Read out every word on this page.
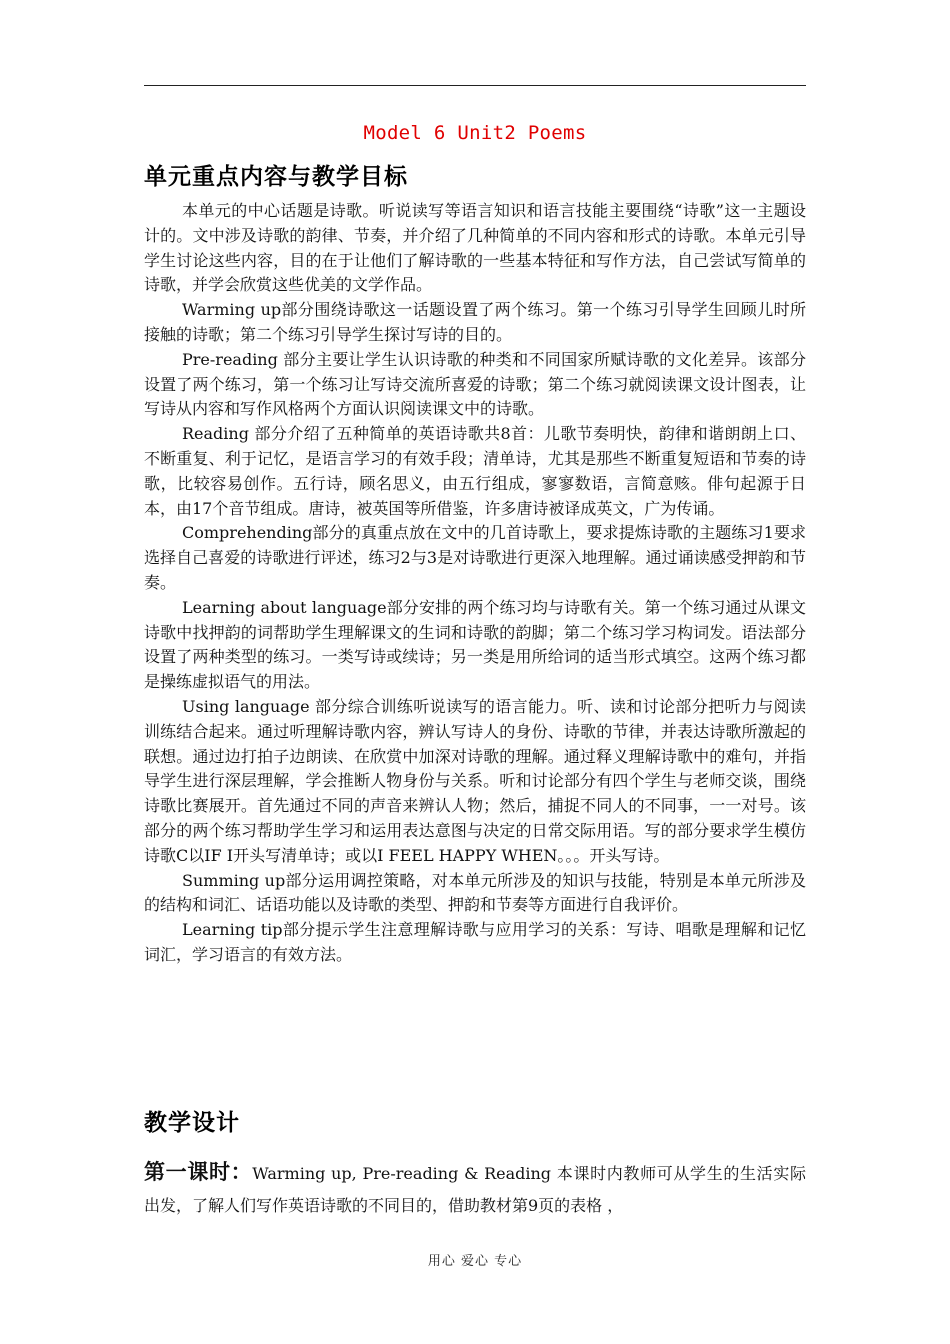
Model 6 Unit2 Poems
单元重点内容与教学目标

本单元的中心话题是诗歌。听说读写等语言知识和语言技能主要围绕“诗歌”这一主题设计的。文中涉及诗歌的韵律、节奏，并介绍了几种简单的不同内容和形式的诗歌。本单元引导学生讨论这些内容，目的在于让他们了解诗歌的一些基本特征和写作方法，自己尝试写简单的诗歌，并学会欣赏这些优美的文学作品。

Warming up部分围绕诗歌这一话题设置了两个练习。第一个练习引导学生回顾儿时所接触的诗歌；第二个练习引导学生探讨写诗的目的。

Pre-reading 部分主要让学生认识诗歌的种类和不同国家所赋诗歌的文化差异。该部分设置了两个练习，第一个练习让写诗交流所喜爱的诗歌；第二个练习就阅读课文设计图表，让写诗从内容和写作风格两个方面认识阅读课文中的诗歌。

Reading 部分介绍了五种简单的英语诗歌共8首：儿歌节奏明快，韵律和谐朗朗上口、不断重复、利于记忆，是语言学习的有效手段；清单诗，尤其是那些不断重复短语和节奏的诗歌，比较容易创作。五行诗，顾名思义，由五行组成，寥寥数语，言简意赅。俳句起源于日本，由17个音节组成。唐诗，被英国等所借鉴，许多唐诗被译成英文，广为传诵。

Comprehending部分的真重点放在文中的几首诗歌上，要求提炼诗歌的主题练习1要求选择自己喜爱的诗歌进行评述，练习2与3是对诗歌进行更深入地理解。通过诵读感受押韵和节奏。

Learning about language部分安排的两个练习均与诗歌有关。第一个练习通过从课文诗歌中找押韵的词帮助学生理解课文的生词和诗歌的韵脚；第二个练习学习构词发。语法部分设置了两种类型的练习。一类写诗或续诗；另一类是用所给词的适当形式填空。这两个练习都是操练虚拟语气的用法。

Using language 部分综合训练听说读写的语言能力。听、读和讨论部分把听力与阅读训练结合起来。通过听理解诗歌内容，辨认写诗人的身份、诗歌的节律，并表达诗歌所激起的联想。通过边打拍子边朗读、在欣赏中加深对诗歌的理解。通过释义理解诗歌中的难句，并指导学生进行深层理解，学会推断人物身份与关系。听和讨论部分有四个学生与老师交谈，围绕诗歌比赛展开。首先通过不同的声音来辨认人物；然后，捕捉不同人的不同事，一一对号。该部分的两个练习帮助学生学习和运用表达意图与决定的日常交际用语。写的部分要求学生模仿诗歌C以IF I开头写清单诗；或以I FEEL HAPPY WHEN。。。开头写诗。

Summing up部分运用调控策略，对本单元所涉及的知识与技能，特别是本单元所涉及的结构和词汇、话语功能以及诗歌的类型、押韵和节奏等方面进行自我评价。

Learning tip部分提示学生注意理解诗歌与应用学习的关系：写诗、唱歌是理解和记忆词汇，学习语言的有效方法。

教学设计
第一课时：Warming up, Pre-reading & Reading 本课时内教师可从学生的生活实际出发，了解人们写作英语诗歌的不同目的，借助教材第9页的表格 ，
用心 爱心 专心
